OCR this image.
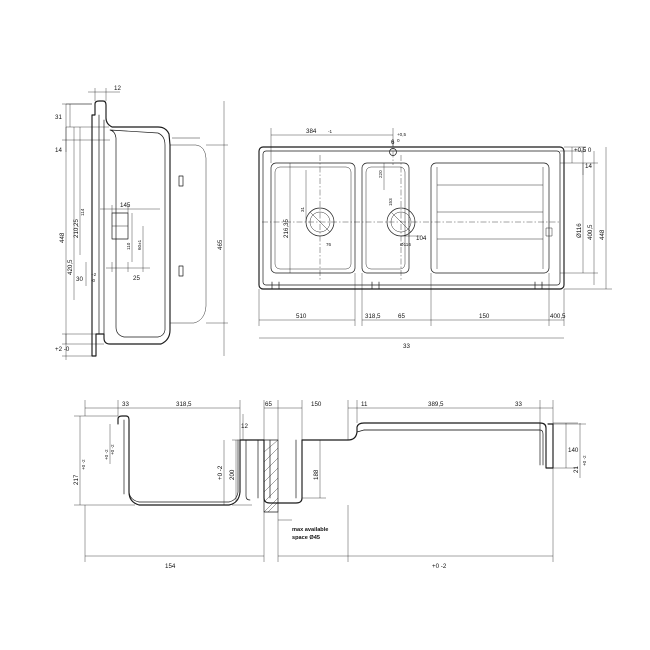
12
31
14
210,25
114
420,5
448
465
145
110 60±1
25
30
+2
-0
+2 -0
384	-1
6
+0,5
0
+0,5 0
14
Ø116 400,5 448
31
216,35
220
153
104
76	Ø116
510	318,5	65	150	400,5
33
33	318,5	65	150	11	389,5	33
12
217
+0 -2
+0 -2 +0 -2
+0 -2 200	188
140
21
+0 -2
max available
space Ø45
154	+0 -2
